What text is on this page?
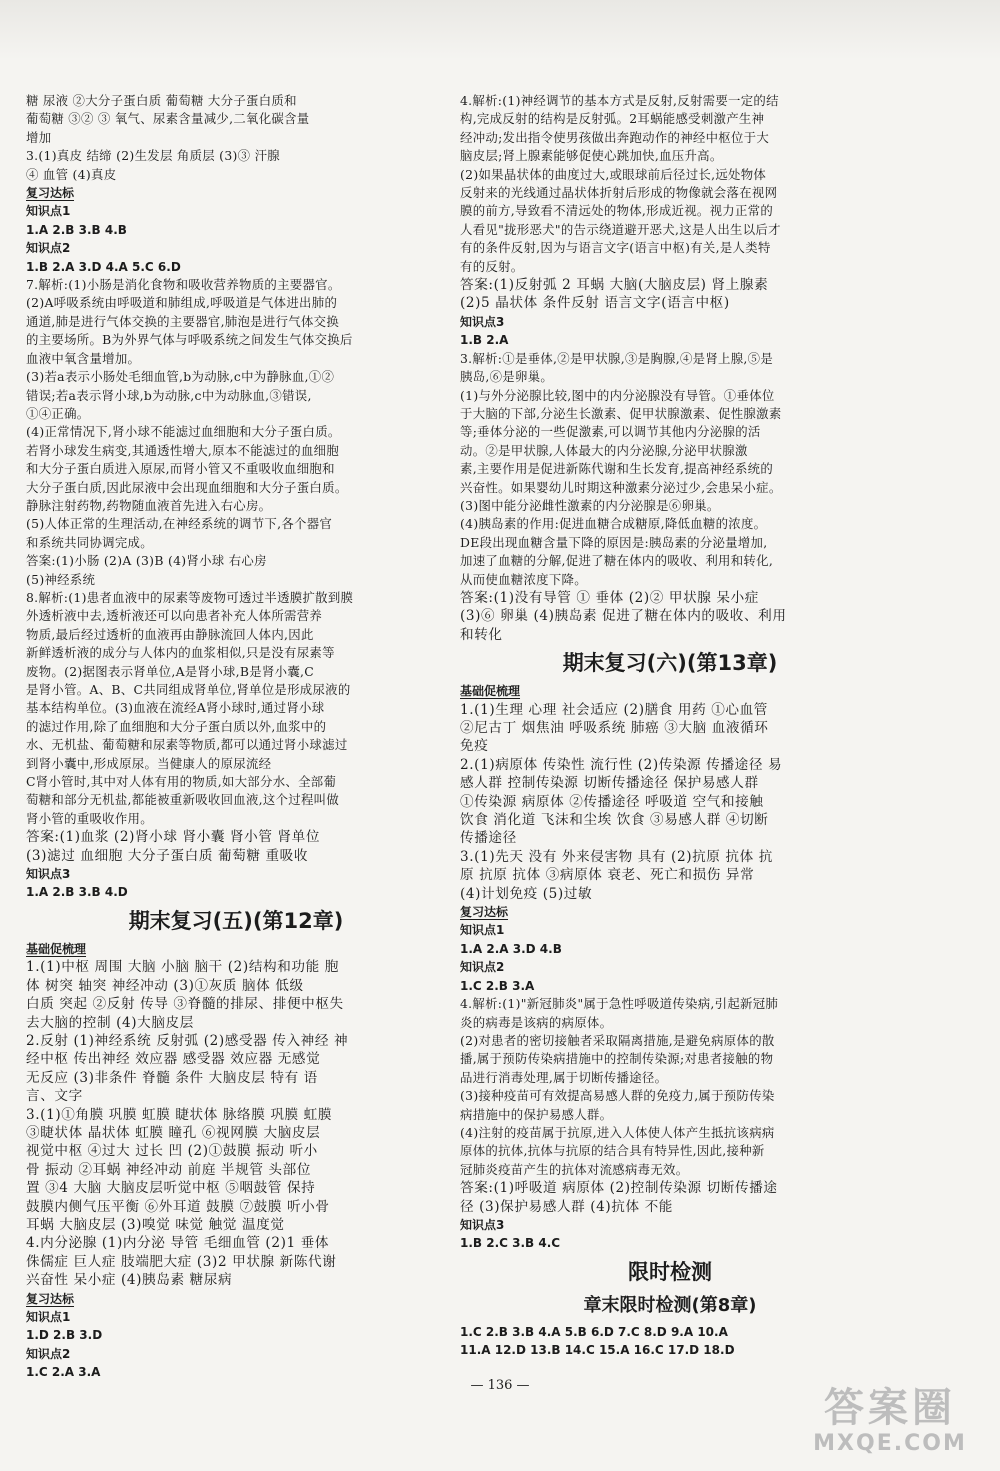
糖 尿液 ②大分子蛋白质 葡萄糖 大分子蛋白质和
葡萄糖 ③② ③ 氧气、尿素含量减少,二氧化碳含量
增加
3.(1)真皮 结缔 (2)生发层 角质层 (3)③ 汗腺
④ 血管 (4)真皮
复习达标
知识点1
1.A 2.B 3.B 4.B
知识点2
1.B 2.A 3.D 4.A 5.C 6.D
7.解析:(1)小肠是消化食物和吸收营养物质的主要器官。
(2)A呼吸系统由呼吸道和肺组成,呼吸道是气体进出肺的
通道,肺是进行气体交换的主要器官,肺泡是进行气体交换
的主要场所。B为外界气体与呼吸系统之间发生气体交换后
血液中氧含量增加。
(3)若a表示小肠处毛细血管,b为动脉,c中为静脉血,①②
错误;若a表示肾小球,b为动脉,c中为动脉血,③错误,
①④正确。
(4)正常情况下,肾小球不能滤过血细胞和大分子蛋白质。
若肾小球发生病变,其通透性增大,原本不能滤过的血细胞
和大分子蛋白质进入原尿,而肾小管又不重吸收血细胞和
大分子蛋白质,因此尿液中会出现血细胞和大分子蛋白质。
静脉注射药物,药物随血液首先进入右心房。
(5)人体正常的生理活动,在神经系统的调节下,各个器官
和系统共同协调完成。
答案:(1)小肠 (2)A (3)B (4)肾小球 右心房
(5)神经系统
8.解析:(1)患者血液中的尿素等废物可透过半透膜扩散到膜
外透析液中去,透析液还可以向患者补充人体所需营养
物质,最后经过透析的血液再由静脉流回人体内,因此
新鲜透析液的成分与人体内的血浆相似,只是没有尿素等
废物。(2)据图表示肾单位,A是肾小球,B是肾小囊,C
是肾小管。A、B、C共同组成肾单位,肾单位是形成尿液的
基本结构单位。(3)血液在流经A肾小球时,通过肾小球
的滤过作用,除了血细胞和大分子蛋白质以外,血浆中的
水、无机盐、葡萄糖和尿素等物质,都可以通过肾小球滤过
到肾小囊中,形成原尿。当健康人的原尿流经
C肾小管时,其中对人体有用的物质,如大部分水、全部葡
萄糖和部分无机盐,都能被重新吸收回血液,这个过程叫做
肾小管的重吸收作用。
答案:(1)血浆 (2)肾小球 肾小囊 肾小管 肾单位
(3)滤过 血细胞 大分子蛋白质 葡萄糖 重吸收
知识点3
1.A 2.B 3.B 4.D
期末复习(五)(第12章)
基础促梳理
1.(1)中枢 周围 大脑 小脑 脑干 (2)结构和功能 胞
体 树突 轴突 神经冲动 (3)①灰质 脑体 低级
白质 突起 ②反射 传导 ③脊髓的排尿、排便中枢失
去大脑的控制 (4)大脑皮层
2.反射 (1)神经系统 反射弧 (2)感受器 传入神经 神
经中枢 传出神经 效应器 感受器 效应器 无感觉
无反应 (3)非条件 脊髓 条件 大脑皮层 特有 语
言、文字
3.(1)①角膜 巩膜 虹膜 睫状体 脉络膜 巩膜 虹膜
③睫状体 晶状体 虹膜 瞳孔 ⑥视网膜 大脑皮层
视觉中枢 ④过大 过长 凹 (2)①鼓膜 振动 听小
骨 振动 ②耳蜗 神经冲动 前庭 半规管 头部位
置 ③4 大脑 大脑皮层听觉中枢 ⑤咽鼓管 保持
鼓膜内侧气压平衡 ⑥外耳道 鼓膜 ⑦鼓膜 听小骨
耳蜗 大脑皮层 (3)嗅觉 味觉 触觉 温度觉
4.内分泌腺 (1)内分泌 导管 毛细血管 (2)1 垂体
侏儒症 巨人症 肢端肥大症 (3)2 甲状腺 新陈代谢
兴奋性 呆小症 (4)胰岛素 糖尿病
复习达标
知识点1
1.D 2.B 3.D
知识点2
1.C 2.A 3.A
4.解析:(1)神经调节的基本方式是反射,反射需要一定的结
构,完成反射的结构是反射弧。2耳蜗能感受刺激产生神
经冲动;发出指令使男孩做出奔跑动作的神经中枢位于大
脑皮层;肾上腺素能够促使心跳加快,血压升高。
(2)如果晶状体的曲度过大,或眼球前后径过长,远处物体
反射来的光线通过晶状体折射后形成的物像就会落在视网
膜的前方,导致看不清远处的物体,形成近视。视力正常的
人看见"拢形恶犬"的告示绕道避开恶犬,这是人出生以后才
有的条件反射,因为与语言文字(语言中枢)有关,是人类特
有的反射。
答案:(1)反射弧 2 耳蜗 大脑(大脑皮层) 肾上腺素
(2)5 晶状体 条件反射 语言文字(语言中枢)
知识点3
1.B 2.A
3.解析:①是垂体,②是甲状腺,③是胸腺,④是肾上腺,⑤是
胰岛,⑥是卵巢。
(1)与外分泌腺比较,图中的内分泌腺没有导管。①垂体位
于大脑的下部,分泌生长激素、促甲状腺激素、促性腺激素
等;垂体分泌的一些促激素,可以调节其他内分泌腺的活
动。②是甲状腺,人体最大的内分泌腺,分泌甲状腺激
素,主要作用是促进新陈代谢和生长发育,提高神经系统的
兴奋性。如果婴幼儿时期这种激素分泌过少,会患呆小症。
(3)图中能分泌雌性激素的内分泌腺是⑥卵巢。
(4)胰岛素的作用:促进血糖合成糖原,降低血糖的浓度。
DE段出现血糖含量下降的原因是:胰岛素的分泌量增加,
加速了血糖的分解,促进了糖在体内的吸收、利用和转化,
从而使血糖浓度下降。
答案:(1)没有导管 ① 垂体 (2)② 甲状腺 呆小症
(3)⑥ 卵巢 (4)胰岛素 促进了糖在体内的吸收、利用
和转化
期末复习(六)(第13章)
基础促梳理
1.(1)生理 心理 社会适应 (2)膳食 用药 ①心血管
②尼古丁 烟焦油 呼吸系统 肺癌 ③大脑 血液循环
免疫
2.(1)病原体 传染性 流行性 (2)传染源 传播途径 易
感人群 控制传染源 切断传播途径 保护易感人群
①传染源 病原体 ②传播途径 呼吸道 空气和接触
饮食 消化道 飞沫和尘埃 饮食 ③易感人群 ④切断
传播途径
3.(1)先天 没有 外来侵害物 具有 (2)抗原 抗体 抗
原 抗原 抗体 ③病原体 衰老、死亡和损伤 异常
(4)计划免疫 (5)过敏
复习达标
知识点1
1.A 2.A 3.D 4.B
知识点2
1.C 2.B 3.A
4.解析:(1)"新冠肺炎"属于急性呼吸道传染病,引起新冠肺
炎的病毒是该病的病原体。
(2)对患者的密切接触者采取隔离措施,是避免病原体的散
播,属于预防传染病措施中的控制传染源;对患者接触的物
品进行消毒处理,属于切断传播途径。
(3)接种疫苗可有效提高易感人群的免疫力,属于预防传染
病措施中的保护易感人群。
(4)注射的疫苗属于抗原,进入人体使人体产生抵抗该病病
原体的抗体,抗体与抗原的结合具有特异性,因此,接种新
冠肺炎疫苗产生的抗体对流感病毒无效。
答案:(1)呼吸道 病原体 (2)控制传染源 切断传播途
径 (3)保护易感人群 (4)抗体 不能
知识点3
1.B 2.C 3.B 4.C
限时检测
章末限时检测(第8章)
1.C 2.B 3.B 4.A 5.B 6.D 7.C 8.D 9.A 10.A
11.A 12.D 13.B 14.C 15.A 16.C 17.D 18.D
— 136 —	答案圈
MXQE.COM
